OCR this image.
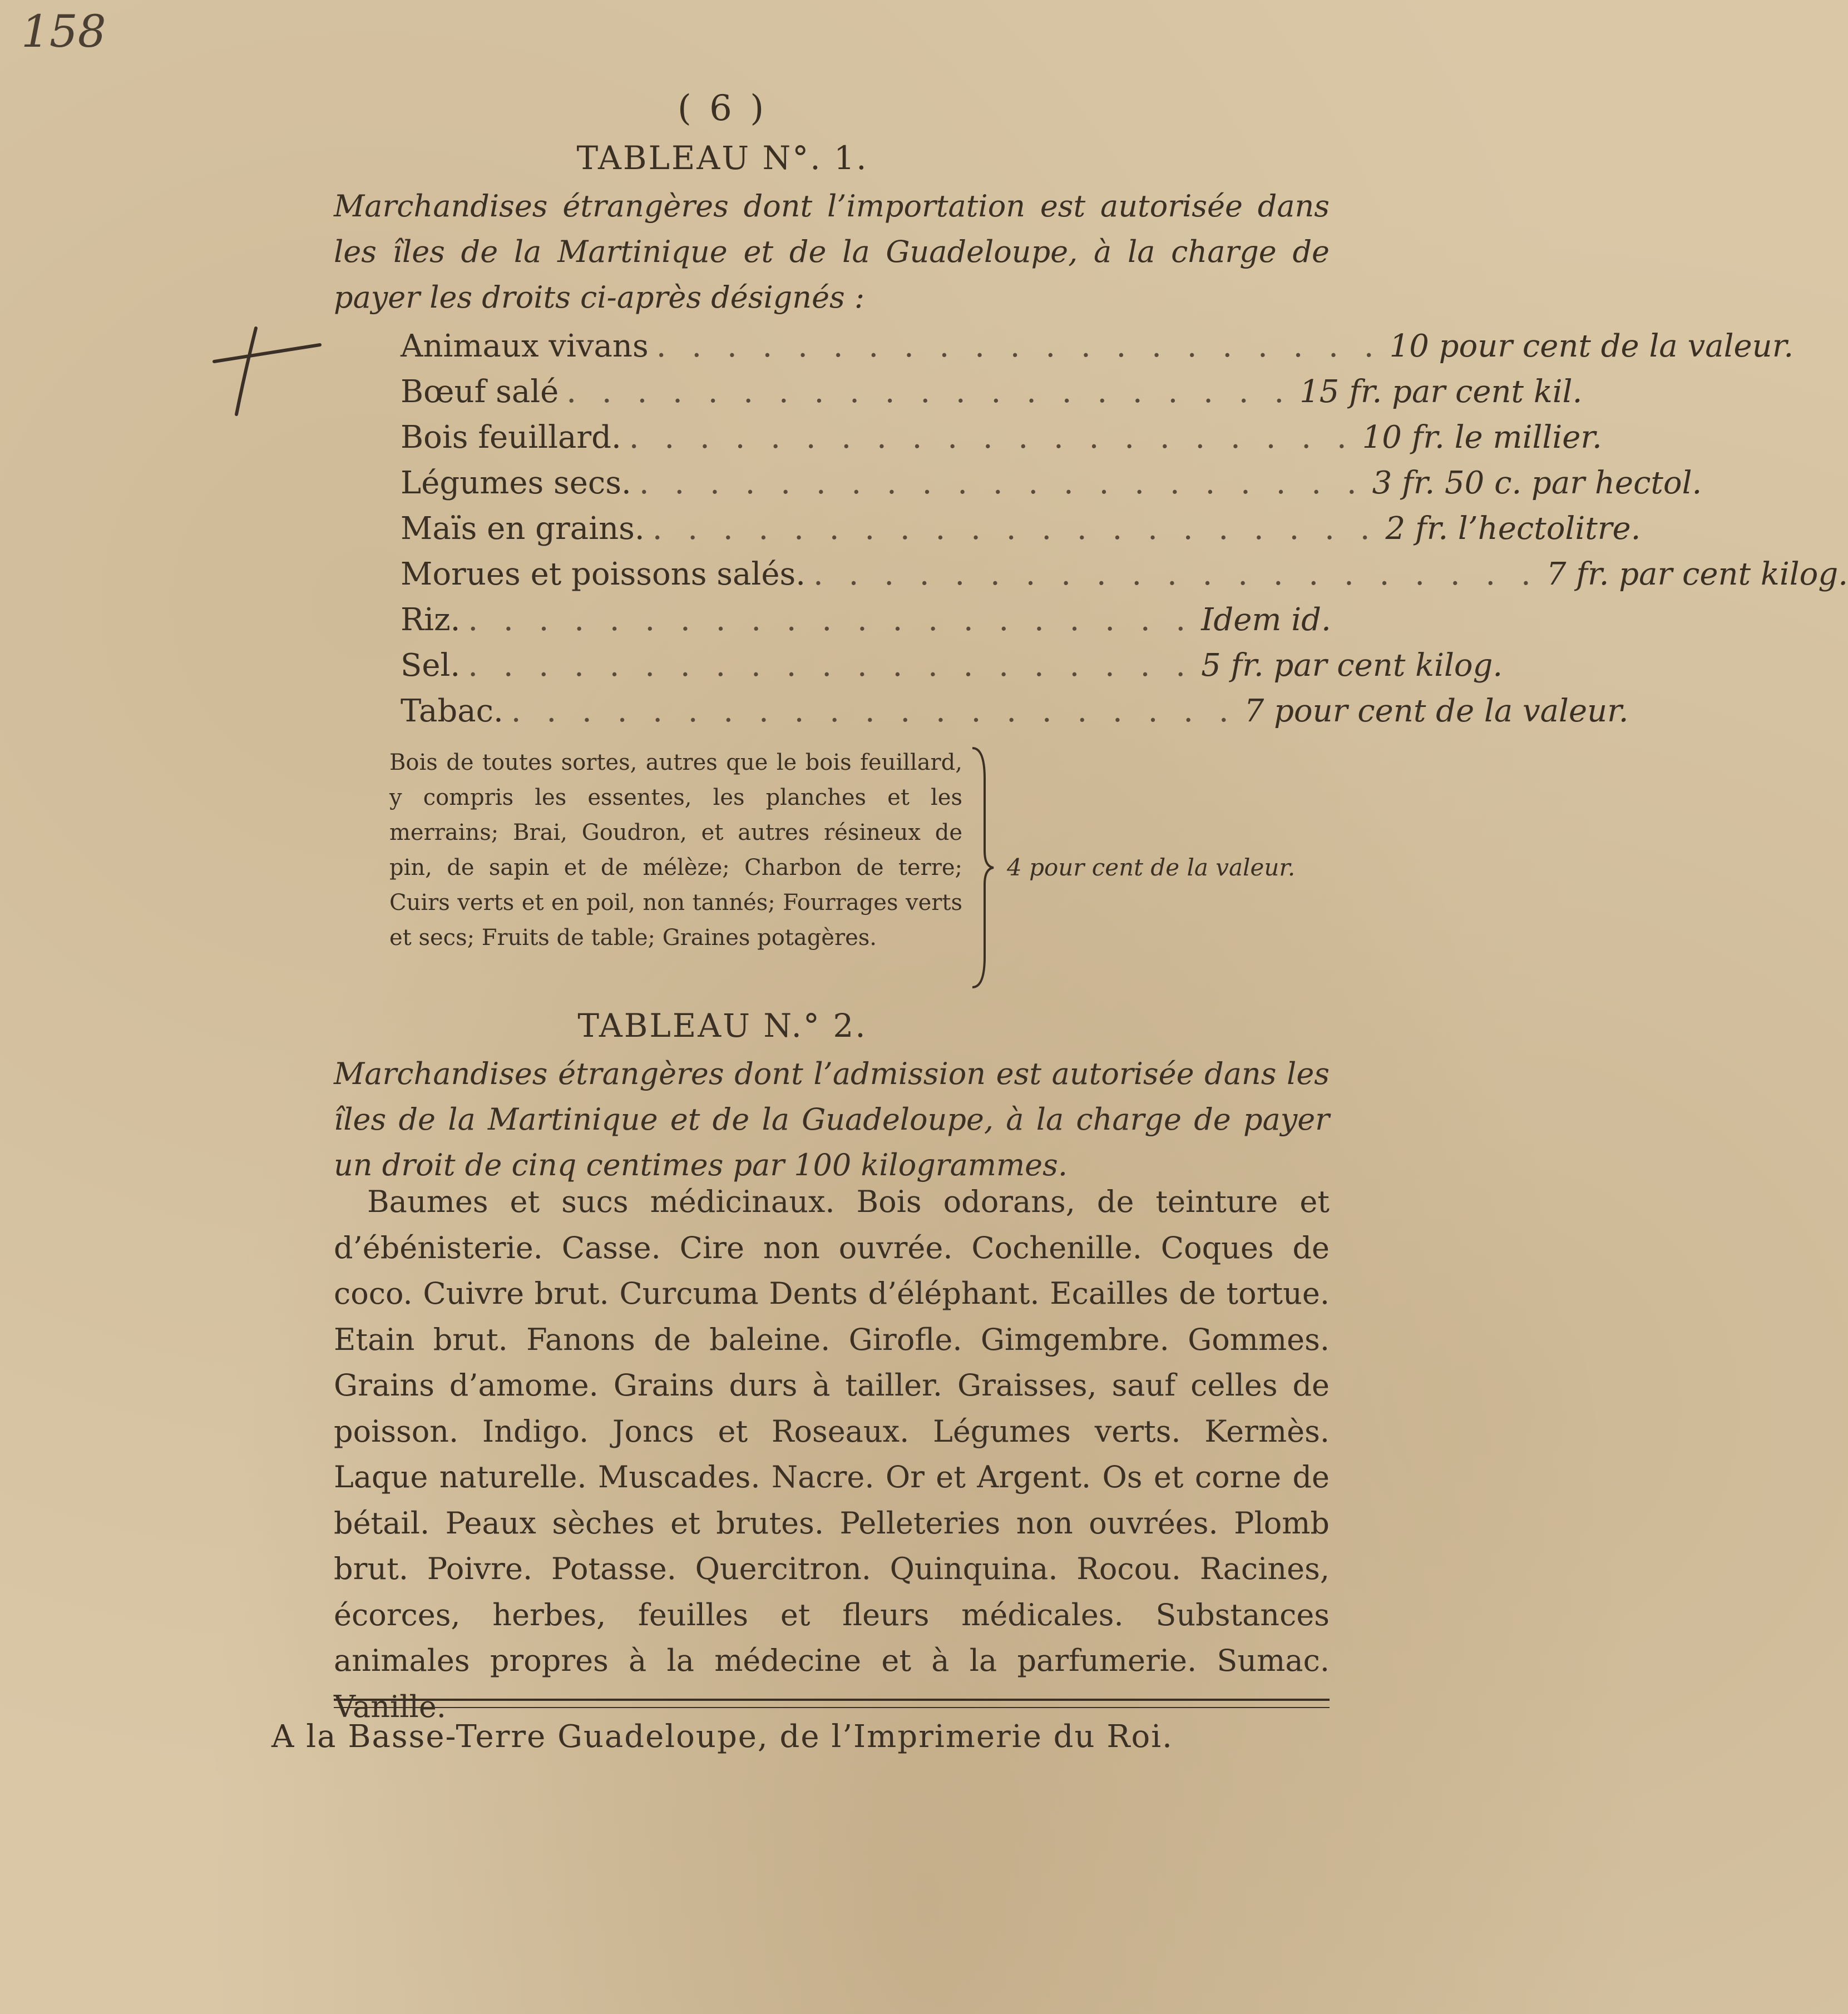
158
( 6 )
TABLEAU N°. 1.

Marchandises étrangères dont l’importation est autorisée dans les îles de la Martinique et de la Guadeloupe, à la charge de payer les droits ci-après désignés :

Animaux vivans . . . . . . . . . . . . . . . . . . . . . 10 pour cent de la valeur.
Bœuf salé . . . . . . . . . . . . . . . . . . . . . 15 fr. par cent kil.
Bois feuillard. . . . . . . . . . . . . . . . . . . . . . 10 fr. le millier.
Légumes secs. . . . . . . . . . . . . . . . . . . . . . 3 fr. 50 c. par hectol.
Maïs en grains. . . . . . . . . . . . . . . . . . . . . . 2 fr. l’hectolitre.
Morues et poissons salés. . . . . . . . . . . . . . . . . . . . . . 7 fr. par cent kilog.
Riz. . . . . . . . . . . . . . . . . . . . . . Idem id.
Sel. . . . . . . . . . . . . . . . . . . . . . 5 fr. par cent kilog.
Tabac. . . . . . . . . . . . . . . . . . . . . . 7 pour cent de la valeur.

Bois de toutes sortes, autres que le bois feuillard, y compris les essentes, les planches et les merrains; Brai, Goudron, et autres résineux de pin, de sapin et de mélèze; Charbon de terre; Cuirs verts et en poil, non tannés; Fourrages verts et secs; Fruits de table; Graines potagères.

4 pour cent de la valeur.
TABLEAU N.° 2.

Marchandises étrangères dont l’admission est autorisée dans les îles de la Martinique et de la Guadeloupe, à la charge de payer un droit de cinq centimes par 100 kilogrammes.

Baumes et sucs médicinaux. Bois odorans, de teinture et d’ébénisterie. Casse. Cire non ouvrée. Cochenille. Coques de coco. Cuivre brut. Curcuma Dents d’éléphant. Ecailles de tortue. Etain brut. Fanons de baleine. Girofle. Gimgembre. Gommes. Grains d’amome. Grains durs à tailler. Graisses, sauf celles de poisson. Indigo. Joncs et Roseaux. Légumes verts. Kermès. Laque naturelle. Muscades. Nacre. Or et Argent. Os et corne de bétail. Peaux sèches et brutes. Pelleteries non ouvrées. Plomb brut. Poivre. Potasse. Quercitron. Quinquina. Rocou. Racines, écorces, herbes, feuilles et fleurs médicales. Substances animales propres à la médecine et à la parfumerie. Sumac. Vanille.

A la Basse-Terre Guadeloupe, de l’Imprimerie du Roi.
